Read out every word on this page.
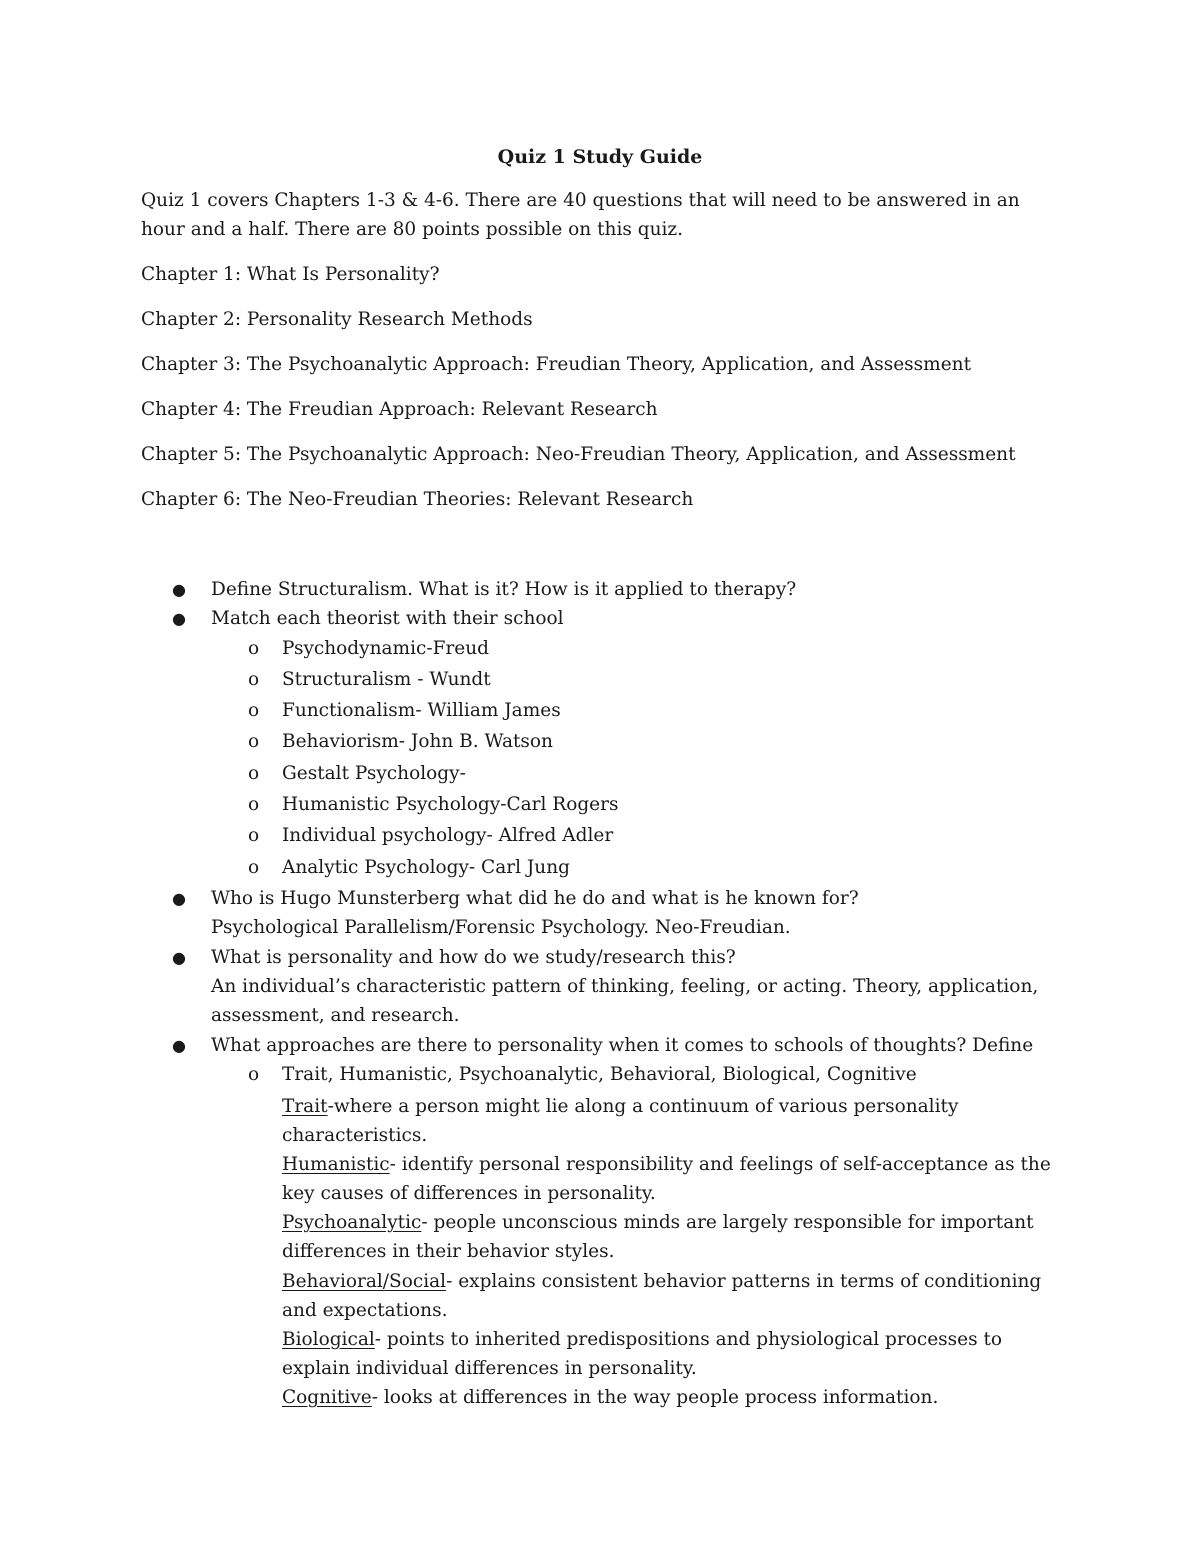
Quiz 1 Study Guide
Quiz 1 covers Chapters 1-3 & 4-6. There are 40 questions that will need to be answered in an hour and a half. There are 80 points possible on this quiz.
Chapter 1: What Is Personality?
Chapter 2: Personality Research Methods
Chapter 3: The Psychoanalytic Approach: Freudian Theory, Application, and Assessment
Chapter 4: The Freudian Approach: Relevant Research
Chapter 5: The Psychoanalytic Approach: Neo-Freudian Theory, Application, and Assessment
Chapter 6: The Neo-Freudian Theories: Relevant Research
● Define Structuralism. What is it? How is it applied to therapy?
● Match each theorist with their school
o Psychodynamic-Freud
o Structuralism - Wundt
o Functionalism- William James
o Behaviorism- John B. Watson
o Gestalt Psychology-
o Humanistic Psychology-Carl Rogers
o Individual psychology- Alfred Adler
o Analytic Psychology- Carl Jung
● Who is Hugo Munsterberg what did he do and what is he known for?
Psychological Parallelism/Forensic Psychology. Neo-Freudian.
● What is personality and how do we study/research this?
An individual’s characteristic pattern of thinking, feeling, or acting. Theory, application, assessment, and research.
● What approaches are there to personality when it comes to schools of thoughts? Define
o Trait, Humanistic, Psychoanalytic, Behavioral, Biological, Cognitive
Trait-where a person might lie along a continuum of various personality characteristics.
Humanistic- identify personal responsibility and feelings of self-acceptance as the key causes of differences in personality.
Psychoanalytic- people unconscious minds are largely responsible for important differences in their behavior styles.
Behavioral/Social- explains consistent behavior patterns in terms of conditioning and expectations.
Biological- points to inherited predispositions and physiological processes to explain individual differences in personality.
Cognitive- looks at differences in the way people process information.
